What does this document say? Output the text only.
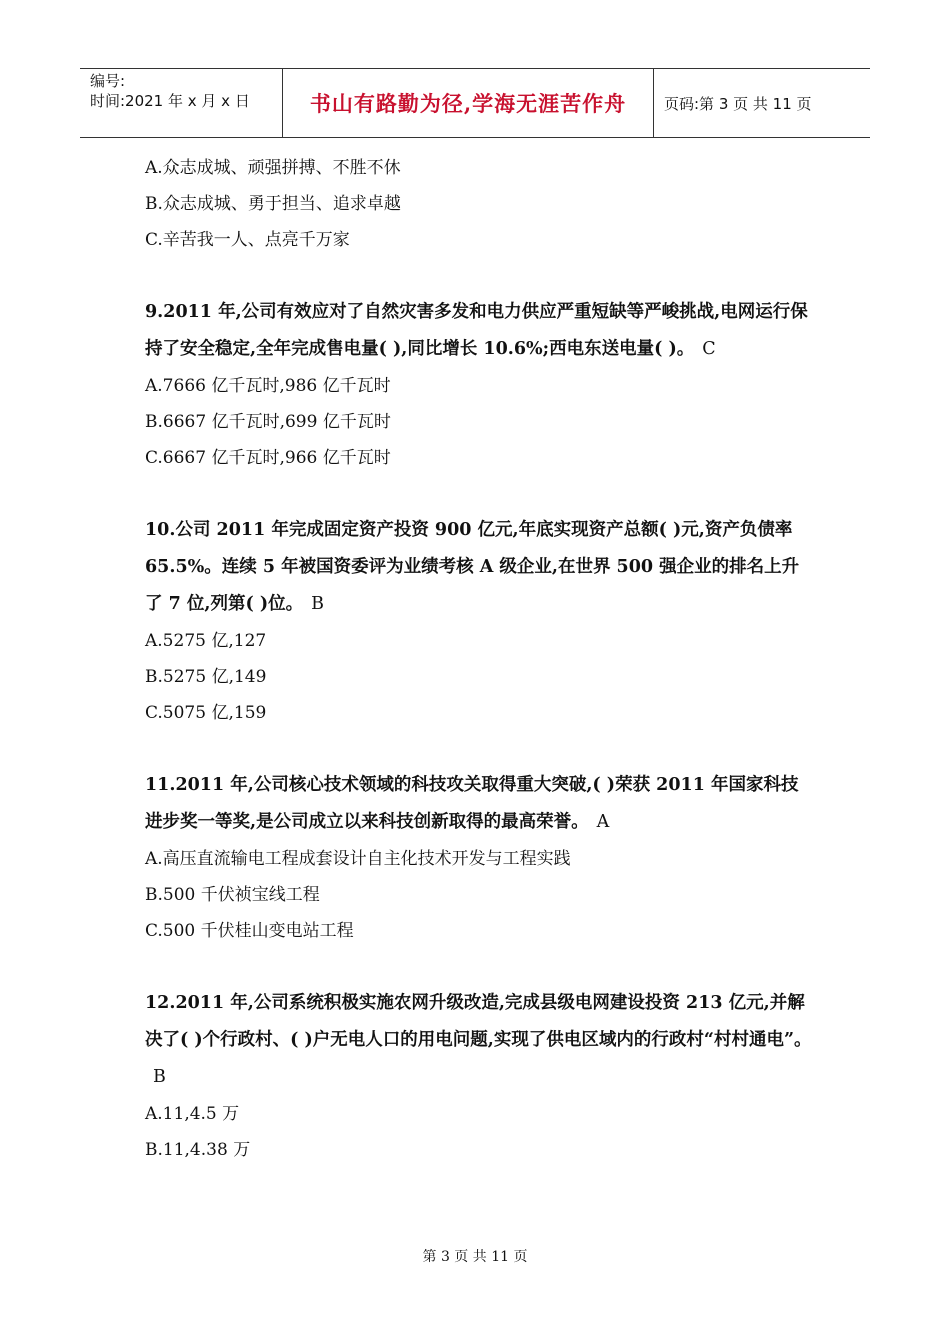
编号:
时间:2021 年 x 月 x 日	书山有路勤为径,学海无涯苦作舟	页码:第 3 页 共 11 页
A.众志成城、顽强拼搏、不胜不休
B.众志成城、勇于担当、追求卓越
C.辛苦我一人、点亮千万家
9.2011 年,公司有效应对了自然灾害多发和电力供应严重短缺等严峻挑战,电网运行保持了安全稳定,全年完成售电量( ),同比增长 10.6%;西电东送电量( )。 C
A.7666 亿千瓦时,986 亿千瓦时
B.6667 亿千瓦时,699 亿千瓦时
C.6667 亿千瓦时,966 亿千瓦时
10.公司 2011 年完成固定资产投资 900 亿元,年底实现资产总额( )元,资产负债率 65.5%。连续 5 年被国资委评为业绩考核 A 级企业,在世界 500 强企业的排名上升了 7 位,列第( )位。 B
A.5275 亿,127
B.5275 亿,149
C.5075 亿,159
11.2011 年,公司核心技术领域的科技攻关取得重大突破,( )荣获 2011 年国家科技进步奖一等奖,是公司成立以来科技创新取得的最高荣誉。 A
A.高压直流输电工程成套设计自主化技术开发与工程实践
B.500 千伏祯宝线工程
C.500 千伏桂山变电站工程
12.2011 年,公司系统积极实施农网升级改造,完成县级电网建设投资 213 亿元,并解决了( )个行政村、( )户无电人口的用电问题,实现了供电区域内的行政村“村村通电”。B
A.11,4.5 万
B.11,4.38 万
第 3 页 共 11 页
